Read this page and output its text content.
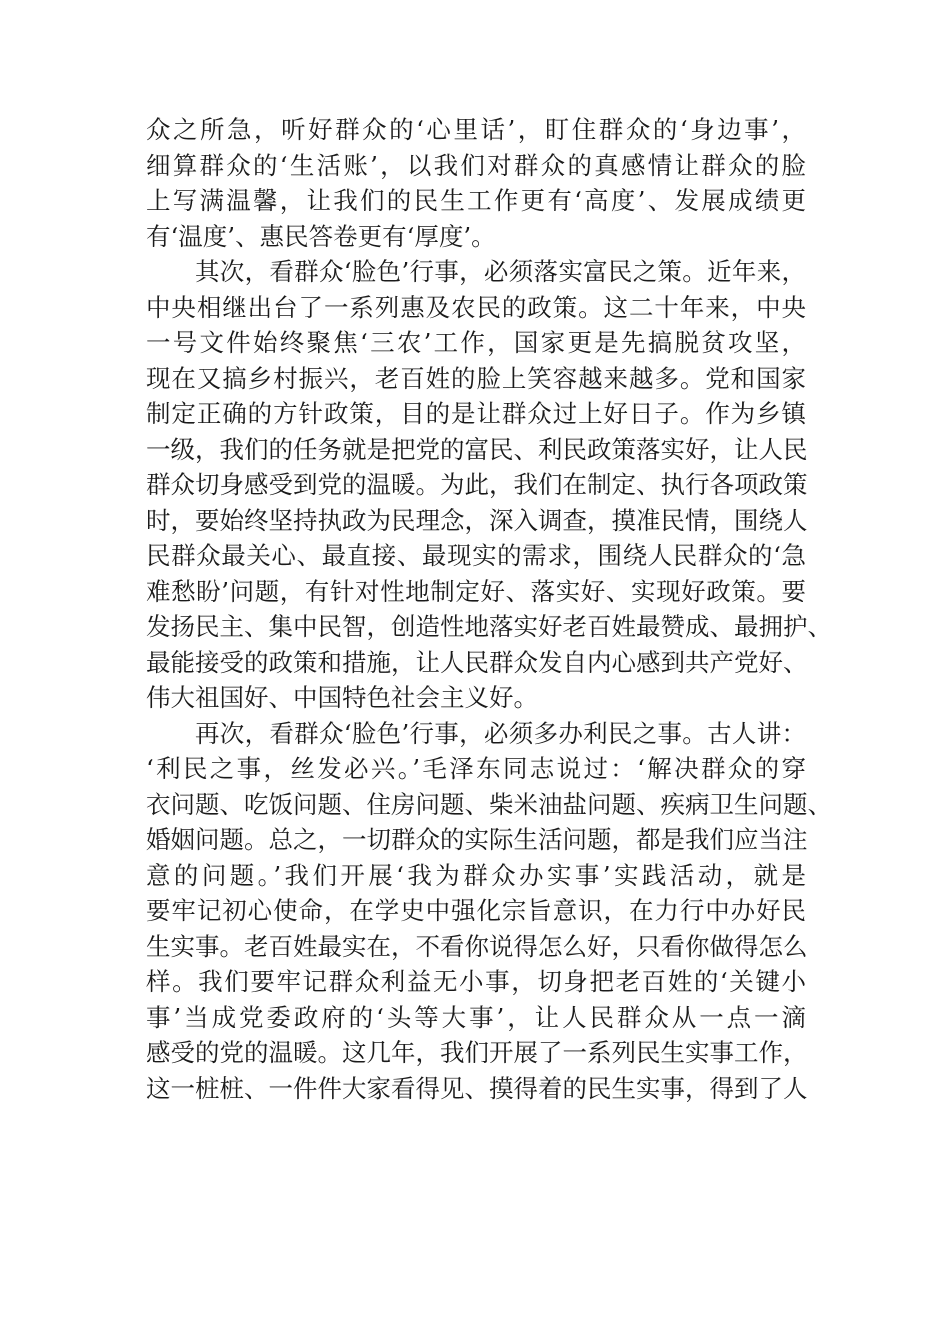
众之所急，听好群众的‘心里话’，盯住群众的‘身边事’，
细算群众的‘生活账’，以我们对群众的真感情让群众的脸
上写满温馨，让我们的民生工作更有‘高度’、发展成绩更
有‘温度’、惠民答卷更有‘厚度’。
其次，看群众‘脸色’行事，必须落实富民之策。近年来，
中央相继出台了一系列惠及农民的政策。这二十年来，中央
一号文件始终聚焦‘三农’工作，国家更是先搞脱贫攻坚，
现在又搞乡村振兴，老百姓的脸上笑容越来越多。党和国家
制定正确的方针政策，目的是让群众过上好日子。作为乡镇
一级，我们的任务就是把党的富民、利民政策落实好，让人民
群众切身感受到党的温暖。为此，我们在制定、执行各项政策
时，要始终坚持执政为民理念，深入调查，摸准民情，围绕人
民群众最关心、最直接、最现实的需求，围绕人民群众的‘急
难愁盼’问题，有针对性地制定好、落实好、实现好政策。要
发扬民主、集中民智，创造性地落实好老百姓最赞成、最拥护、
最能接受的政策和措施，让人民群众发自内心感到共产党好、
伟大祖国好、中国特色社会主义好。
再次，看群众‘脸色’行事，必须多办利民之事。古人讲：
‘利民之事，丝发必兴。’毛泽东同志说过：‘解决群众的穿
衣问题、吃饭问题、住房问题、柴米油盐问题、疾病卫生问题、
婚姻问题。总之，一切群众的实际生活问题，都是我们应当注
意的问题。’我们开展‘我为群众办实事’实践活动，就是
要牢记初心使命，在学史中强化宗旨意识，在力行中办好民
生实事。老百姓最实在，不看你说得怎么好，只看你做得怎么
样。我们要牢记群众利益无小事，切身把老百姓的‘关键小
事’当成党委政府的‘头等大事’，让人民群众从一点一滴
感受的党的温暖。这几年，我们开展了一系列民生实事工作，
这一桩桩、一件件大家看得见、摸得着的民生实事，得到了人
